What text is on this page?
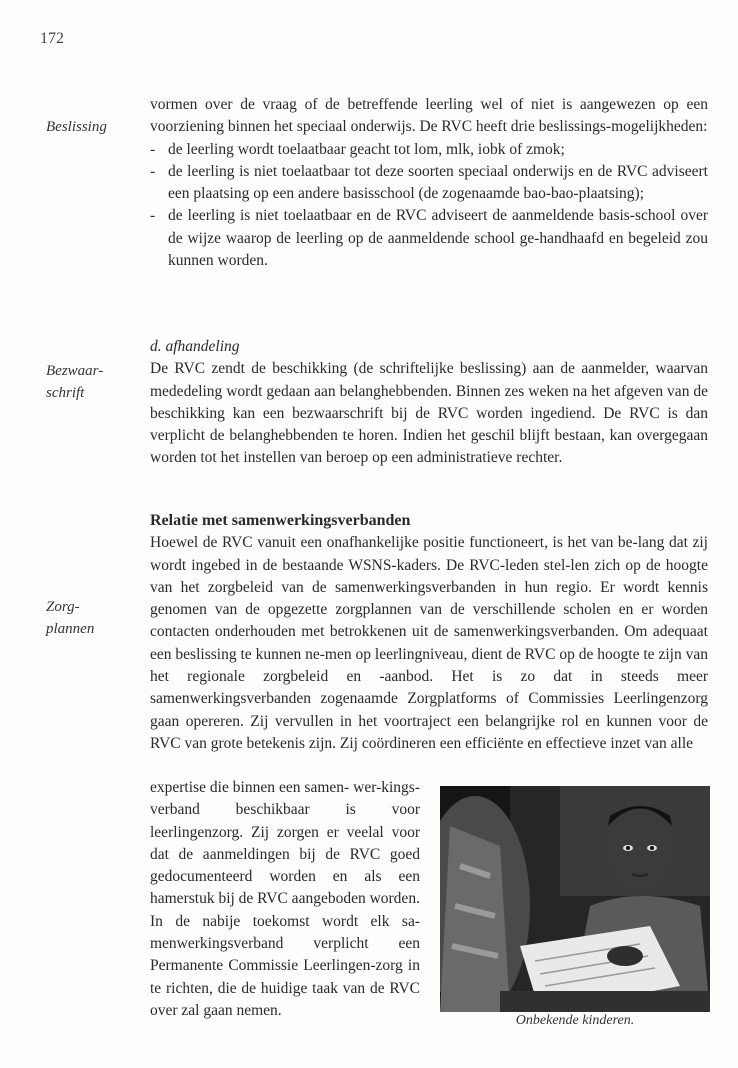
172
Beslissing
Bezwaar-
schrift
Zorg-
plannen

vormen over de vraag of de betreffende leerling wel of niet is aangewezen op een voorziening binnen het speciaal onderwijs. De RVC heeft drie beslissings-mogelijkheden:

- de leerling wordt toelaatbaar geacht tot lom, mlk, iobk of zmok;
- de leerling is niet toelaatbaar tot deze soorten speciaal onderwijs en de RVC adviseert een plaatsing op een andere basisschool (de zogenaamde bao-bao-plaatsing);
- de leerling is niet toelaatbaar en de RVC adviseert de aanmeldende basis-school over de wijze waarop de leerling op de aanmeldende school ge-handhaafd en begeleid zou kunnen worden.

d. afhandeling

De RVC zendt de beschikking (de schriftelijke beslissing) aan de aanmelder, waarvan mededeling wordt gedaan aan belanghebbenden. Binnen zes weken na het afgeven van de beschikking kan een bezwaarschrift bij de RVC worden ingediend. De RVC is dan verplicht de belanghebbenden te horen. Indien het geschil blijft bestaan, kan overgegaan worden tot het instellen van beroep op een administratieve rechter.

Relatie met samenwerkingsverbanden

Hoewel de RVC vanuit een onafhankelijke positie functioneert, is het van be-lang dat zij wordt ingebed in de bestaande WSNS-kaders. De RVC-leden stel-len zich op de hoogte van het zorgbeleid van de samenwerkingsverbanden in hun regio. Er wordt kennis genomen van de opgezette zorgplannen van de verschillende scholen en er worden contacten onderhouden met betrokkenen uit de samenwerkingsverbanden. Om adequaat een beslissing te kunnen ne-men op leerlingniveau, dient de RVC op de hoogte te zijn van het regionale zorgbeleid en -aanbod. Het is zo dat in steeds meer samenwerkingsverbanden zogenaamde Zorgplatforms of Commissies Leerlingenzorg gaan opereren. Zij vervullen in het voortraject een belangrijke rol en kunnen voor de RVC van grote betekenis zijn. Zij coördineren een efficiënte en effectieve inzet van alle

expertise die binnen een samen- wer-kings- verband beschikbaar is voor leerlingenzorg. Zij zorgen er veelal voor dat de aanmeldingen bij de RVC goed gedocumenteerd worden en als een hamerstuk bij de RVC aangeboden worden.

In de nabije toekomst wordt elk sa-menwerkingsverband verplicht een Permanente Commissie Leerlingen-zorg in te richten, die de huidige taak van de RVC over zal gaan nemen.

Onbekende kinderen.
